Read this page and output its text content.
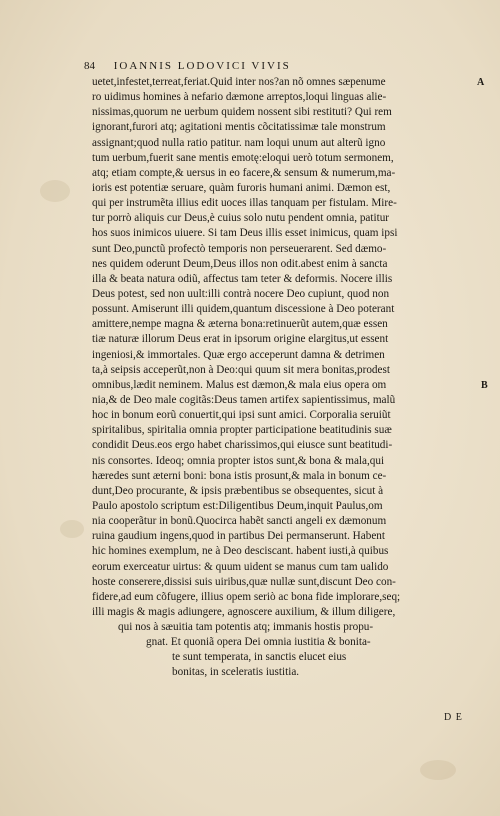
84 IOANNIS LODOVICI VIVIS
A
B
uetet,infestet,terreat,feriat.Quid inter nos?an nõ omnes sæpenume
ro uidimus homines à nefario dæmone arreptos,loqui linguas alie-
nissimas,quorum ne uerbum quidem nossent sibi restituti? Qui rem
ignorant,furori atq; agitationi mentis cõcitatissimæ tale monstrum
assignant;quod nulla ratio patitur. nam loqui unum aut alterũ igno
tum uerbum,fuerit sane mentis emotę:eloqui uerò totum sermonem,
atq; etiam compte,& uersus in eo facere,& sensum & numerum,ma-
ioris est potentiæ seruare, quàm furoris humani animi. Dæmon est,
qui per instrumẽta illius edit uoces illas tanquam per fistulam. Mire-
tur porrò aliquis cur Deus,è cuius solo nutu pendent omnia, patitur
hos suos inimicos uiuere. Si tam Deus illis esset inimicus, quam ipsi
sunt Deo,punctũ profectò temporis non perseuerarent. Sed dæmo-
nes quidem oderunt Deum,Deus illos non odit.abest enim à sancta
illa & beata natura odiũ, affectus tam teter & deformis. Nocere illis
Deus potest, sed non uult:illi contrà nocere Deo cupiunt, quod non
possunt. Amiserunt illi quidem,quantum discessione à Deo poterant
amittere,nempe magna & æterna bona:retinuerũt autem,quæ essen
tiæ naturæ illorum Deus erat in ipsorum origine elargitus,ut essent
ingeniosi,& immortales. Quæ ergo acceperunt damna & detrimen
ta,à seipsis acceperũt,non à Deo:qui quum sit mera bonitas,prodest
omnibus,lædit neminem. Malus est dæmon,& mala eius opera om
nia,& de Deo male cogitãs:Deus tamen artifex sapientissimus, malũ
hoc in bonum eorũ conuertit,qui ipsi sunt amici. Corporalia seruiũt
spiritalibus, spiritalia omnia propter participatione beatitudinis suæ
condidit Deus.eos ergo habet charissimos,qui eiusce sunt beatitudi-
nis consortes. Ideoq; omnia propter istos sunt,& bona & mala,qui
hæredes sunt æterni boni: bona istis prosunt,& mala in bonum ce-
dunt,Deo procurante, & ipsis præbentibus se obsequentes, sicut à
Paulo apostolo scriptum est:Diligentibus Deum,inquit Paulus,om
nia cooperãtur in bonũ.Quocirca habẽt sancti angeli ex dæmonum
ruina gaudium ingens,quod in partibus Dei permanserunt. Habent
hic homines exemplum, ne à Deo desciscant. habent iusti,à quibus
eorum exerceatur uirtus: & quum uident se manus cum tam ualido
hoste conserere,dissisi suis uiribus,quæ nullæ sunt,discunt Deo con-
fidere,ad eum cõfugere, illius opem seriò ac bona fide implorare,seq;
illi magis & magis adiungere, agnoscere auxilium, & illum diligere,
qui nos à sæuitia tam potentis atq; immanis hostis propu-
gnat. Et quoniã opera Dei omnia iustitia & bonita-
te sunt temperata, in sanctis elucet eius
bonitas, in sceleratis iustitia.
D E
